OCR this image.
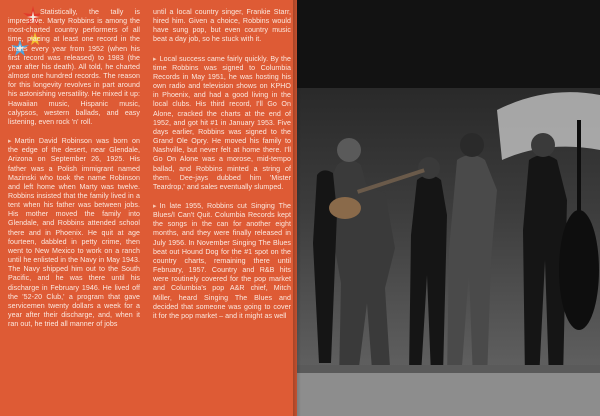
Statistically, the tally is impressive. Marty Robbins is among the most-charted country performers of all time, placing at least one record in the charts every year from 1952 (when his first record was released) to 1983 (the year after his death). All told, he charted almost one hundred records. The reason for this longevity revolves in part around his astonishing versatility. He mixed it up: Hawaiian music, Hispanic music, calypsos, western ballads, and easy listening, even rock 'n' roll.

▸ Martin David Robinson was born on the edge of the desert, near Glendale, Arizona on September 26, 1925. His father was a Polish immigrant named Mazinski who took the name Robinson and left home when Marty was twelve. Robbins insisted that the family lived in a tent when his father was between jobs. His mother moved the family into Glendale, and Robbins attended school there and in Phoenix. He quit at age fourteen, dabbled in petty crime, then went to New Mexico to work on a ranch until he enlisted in the Navy in May 1943. The Navy shipped him out to the South Pacific, and he was there until his discharge in February 1946. He lived off the '52-20 Club,' a program that gave servicemen twenty dollars a week for a year after their discharge, and, when it ran out, he tried all manner of jobs

until a local country singer, Frankie Starr, hired him. Given a choice, Robbins would have sung pop, but even country music beat a day job, so he stuck with it.

▸ Local success came fairly quickly. By the time Robbins was signed to Columbia Records in May 1951, he was hosting his own radio and television shows on KPHO in Phoenix, and had a good living in the local clubs. His third record, I'll Go On Alone, cracked the charts at the end of 1952, and got hit #1 in January 1953. Five days earlier, Robbins was signed to the Grand Ole Opry. He moved his family to Nashville, but never felt at home there. I'll Go On Alone was a morose, mid-tempo ballad, and Robbins minted a string of them. Dee-jays dubbed him 'Mister Teardrop,' and sales eventually slumped.

▸ In late 1955, Robbins cut Singing The Blues/I Can't Quit. Columbia Records kept the songs in the can for another eight months, and they were finally released in July 1956. In November Singing The Blues beat out Hound Dog for the #1 spot on the country charts, remaining there until February, 1957. Country and R&B hits were routinely covered for the pop market and Columbia's pop A&R chief, Mitch Miller, heard Singing The Blues and decided that someone was going to cover it for the pop market – and it might as well
